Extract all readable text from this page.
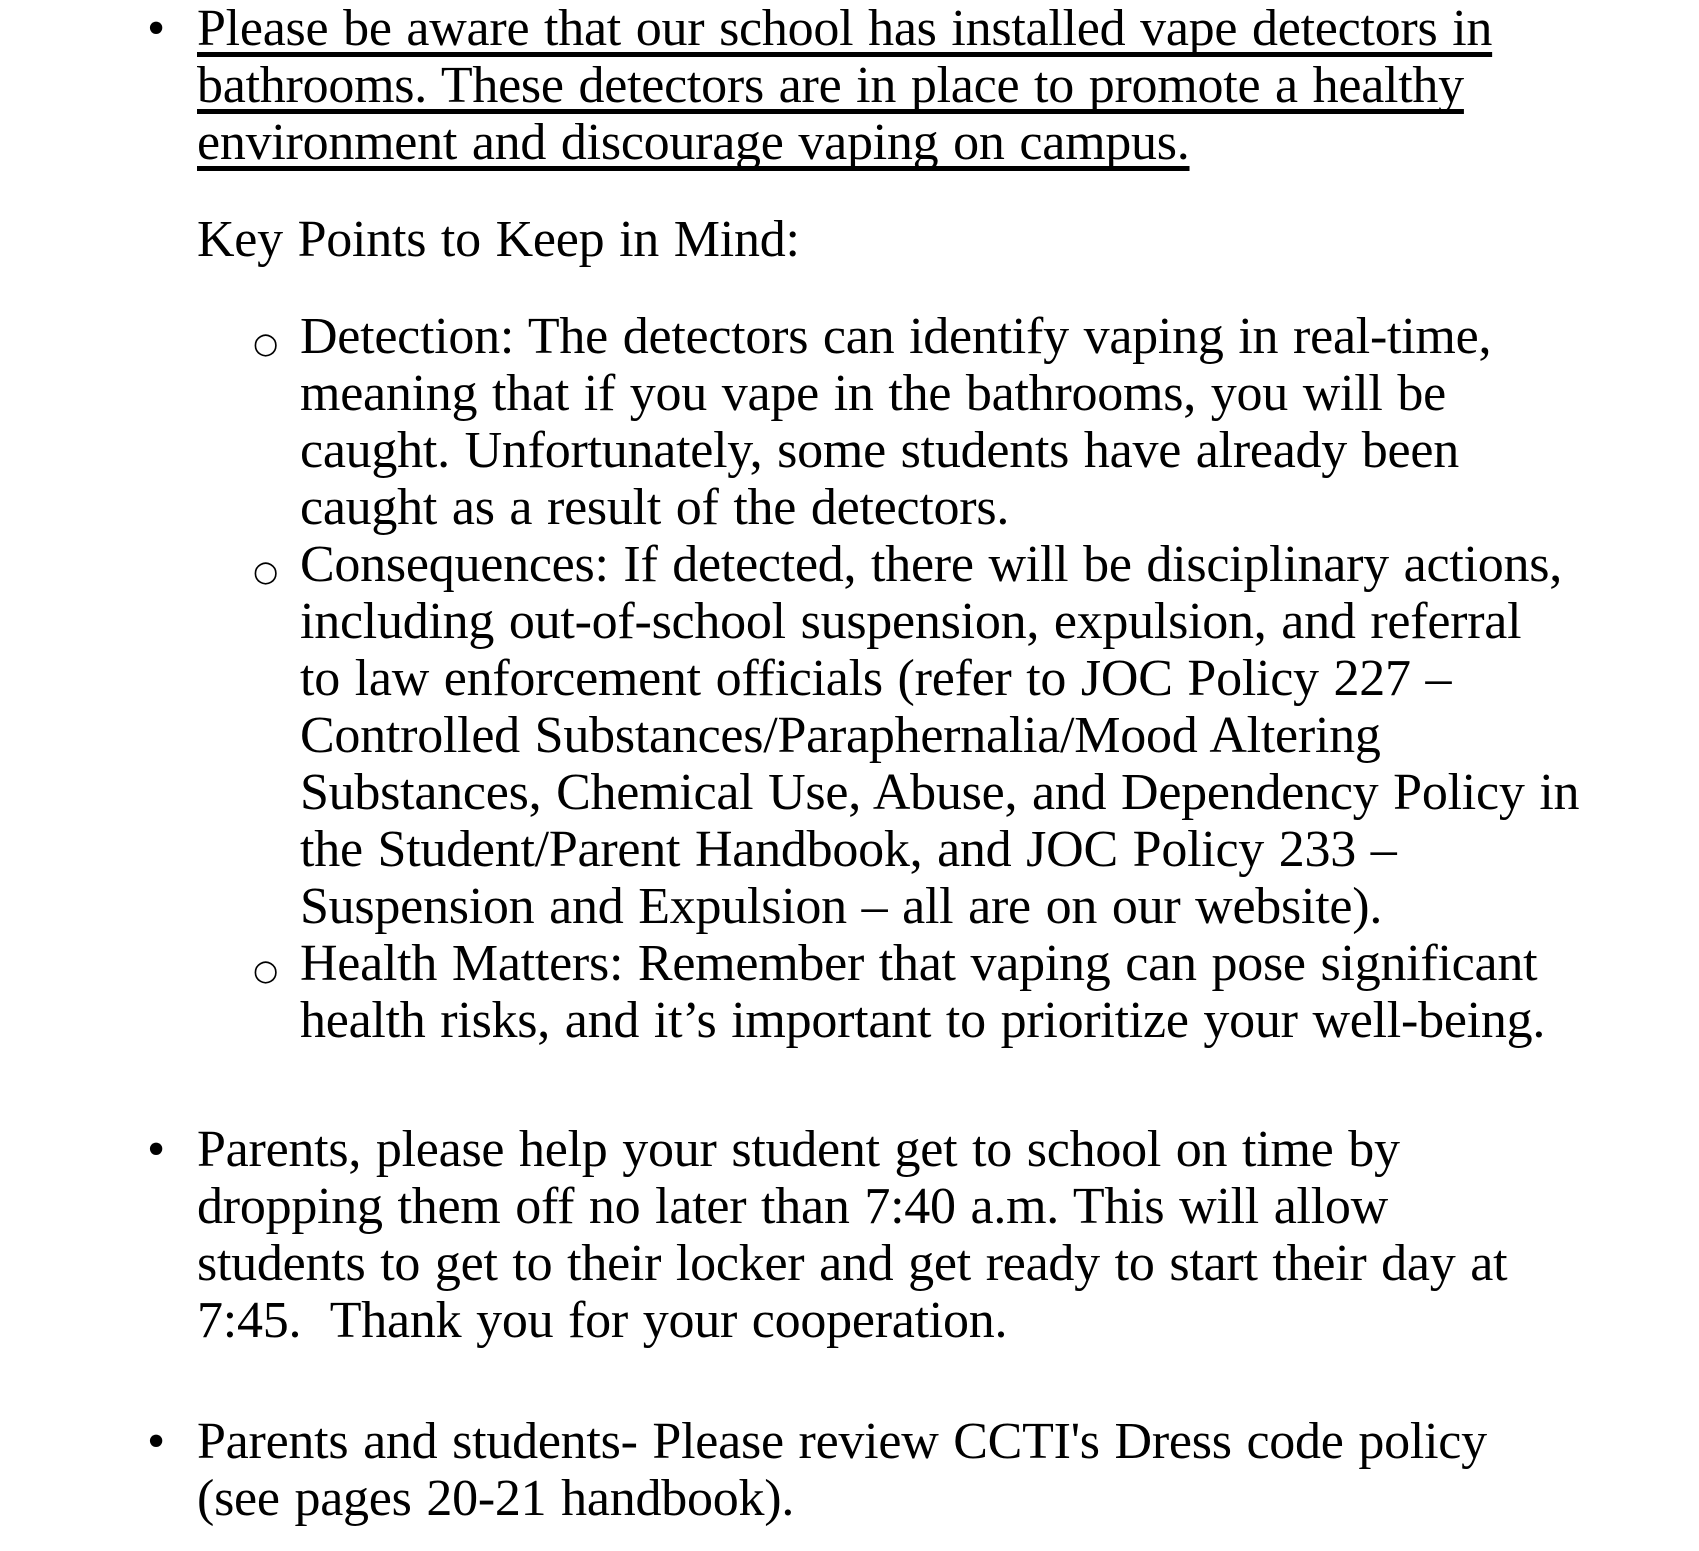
• Please be aware that our school has installed vape detectors in
bathrooms. These detectors are in place to promote a healthy
environment and discourage vaping on campus.
Key Points to Keep in Mind:
○ Detection: The detectors can identify vaping in real-time,
meaning that if you vape in the bathrooms, you will be
caught. Unfortunately, some students have already been
caught as a result of the detectors.
○ Consequences: If detected, there will be disciplinary actions,
including out-of-school suspension, expulsion, and referral
to law enforcement officials (refer to JOC Policy 227 –
Controlled Substances/Paraphernalia/Mood Altering
Substances, Chemical Use, Abuse, and Dependency Policy in
the Student/Parent Handbook, and JOC Policy 233 –
Suspension and Expulsion – all are on our website).
○ Health Matters: Remember that vaping can pose significant
health risks, and it’s important to prioritize your well-being.
• Parents, please help your student get to school on time by
dropping them off no later than 7:40 a.m. This will allow
students to get to their locker and get ready to start their day at
7:45.  Thank you for your cooperation.
• Parents and students- Please review CCTI's Dress code policy
(see pages 20-21 handbook).
